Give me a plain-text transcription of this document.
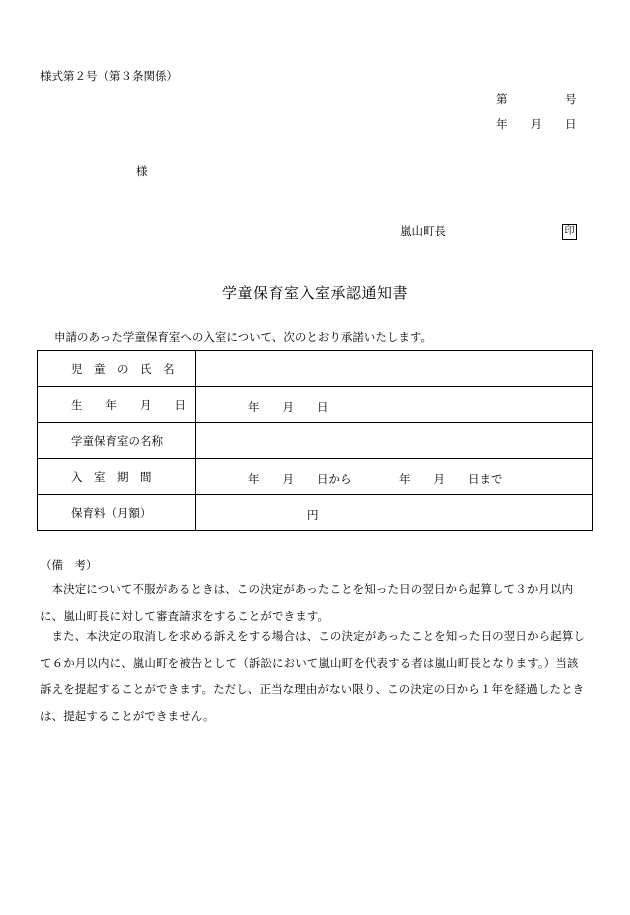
様式第２号（第３条関係）
第　　　　　号
年　　月　　日
様
嵐山町長	印
学童保育室入室承認通知書
申請のあった学童保育室への入室について、次のとおり承諾いたします。
児　童　の　氏　名	

生　　年　　月　　日	年　　月　　日

学童保育室の名称	

入　室　期　間	年　　月　　日から 年　　月　　日まで

保育料（月額）	円
（備　考）
本決定について不服があるときは、この決定があったことを知った日の翌日から起算して３か月以内に、嵐山町長に対して審査請求をすることができます。
また、本決定の取消しを求める訴えをする場合は、この決定があったことを知った日の翌日から起算して６か月以内に、嵐山町を被告として（訴訟において嵐山町を代表する者は嵐山町長となります。）当該訴えを提起することができます。ただし、正当な理由がない限り、この決定の日から１年を経過したときは、提起することができません。
